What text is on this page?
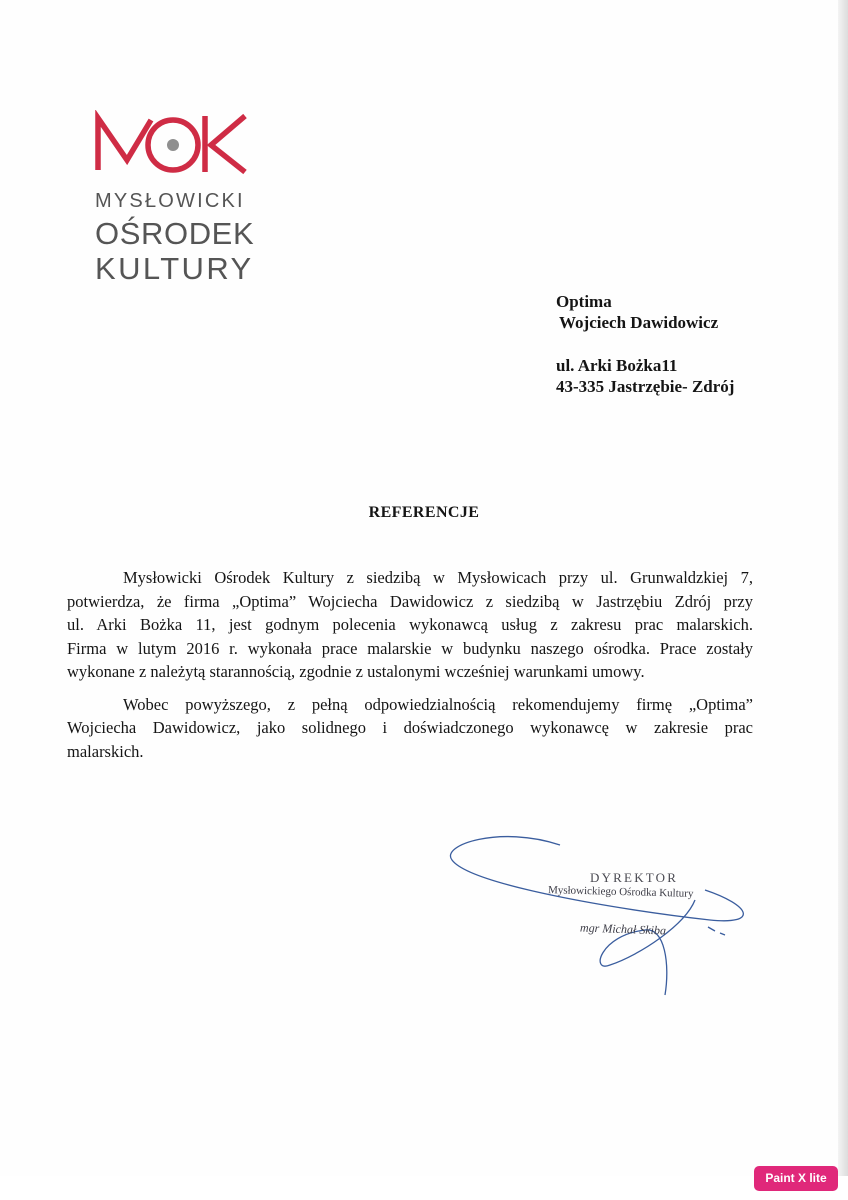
MYSŁOWICKI
OŚRODEK
KULTURY
Optima
Wojciech Dawidowicz
ul. Arki Bożka11
43-335 Jastrzębie- Zdrój
REFERENCJE

Mysłowicki Ośrodek Kultury z siedzibą w Mysłowicach przy ul. Grunwaldzkiej 7,
potwierdza, że firma „Optima” Wojciecha Dawidowicz z siedzibą w Jastrzębiu Zdrój przy
ul. Arki Bożka 11, jest godnym polecenia wykonawcą usług z zakresu prac malarskich.
Firma w lutym 2016 r. wykonała prace malarskie w budynku naszego ośrodka. Prace zostały
wykonane z należytą starannością, zgodnie z ustalonymi wcześniej warunkami umowy.

Wobec powyższego, z pełną odpowiedzialnością rekomendujemy firmę „Optima”
Wojciecha Dawidowicz, jako solidnego i doświadczonego wykonawcę w zakresie prac
malarskich.

DYREKTOR
Mysłowickiego Ośrodka Kultury
mgr Michał Skiba
Paint X lite
